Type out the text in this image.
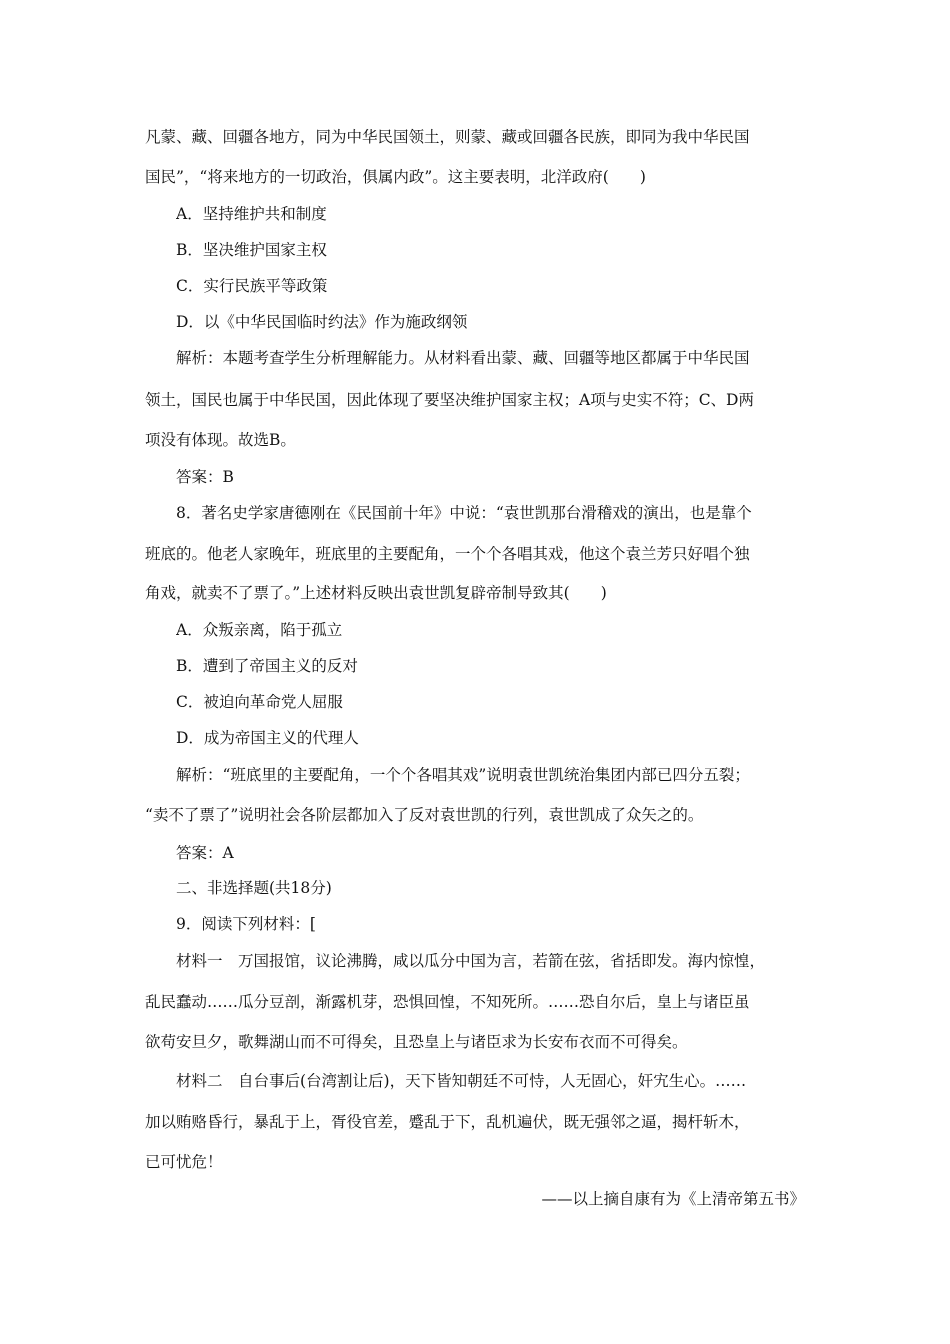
凡蒙、藏、回疆各地方，同为中华民国领土，则蒙、藏或回疆各民族，即同为我中华民国
国民”，“将来地方的一切政治，俱属内政”。这主要表明，北洋政府(　　)
A．坚持维护共和制度
B．坚决维护国家主权
C．实行民族平等政策
D．以《中华民国临时约法》作为施政纲领
解析：本题考查学生分析理解能力。从材料看出蒙、藏、回疆等地区都属于中华民国
领土，国民也属于中华民国，因此体现了要坚决维护国家主权；A项与史实不符；C、D两
项没有体现。故选B。
答案：B
8．著名史学家唐德刚在《民国前十年》中说：“袁世凯那台滑稽戏的演出，也是靠个
班底的。他老人家晚年，班底里的主要配角，一个个各唱其戏，他这个袁兰芳只好唱个独
角戏，就卖不了票了。”上述材料反映出袁世凯复辟帝制导致其(　　)
A．众叛亲离，陷于孤立
B．遭到了帝国主义的反对
C．被迫向革命党人屈服
D．成为帝国主义的代理人
解析：“班底里的主要配角，一个个各唱其戏”说明袁世凯统治集团内部已四分五裂；
“卖不了票了”说明社会各阶层都加入了反对袁世凯的行列，袁世凯成了众矢之的。
答案：A
二、非选择题(共18分)
9．阅读下列材料：[
材料一　万国报馆，议论沸腾，咸以瓜分中国为言，若箭在弦，省括即发。海内惊惶，
乱民蠢动……瓜分豆剖，渐露机芽，恐惧回惶，不知死所。……恐自尔后，皇上与诸臣虽
欲苟安旦夕，歌舞湖山而不可得矣，且恐皇上与诸臣求为长安布衣而不可得矣。
材料二　自台事后(台湾割让后)，天下皆知朝廷不可恃，人无固心，奸宄生心。……
加以贿赂昏行，暴乱于上，胥役官差，蹙乱于下，乱机遍伏，既无强邻之逼，揭杆斩木，
已可忧危！
——以上摘自康有为《上清帝第五书》
